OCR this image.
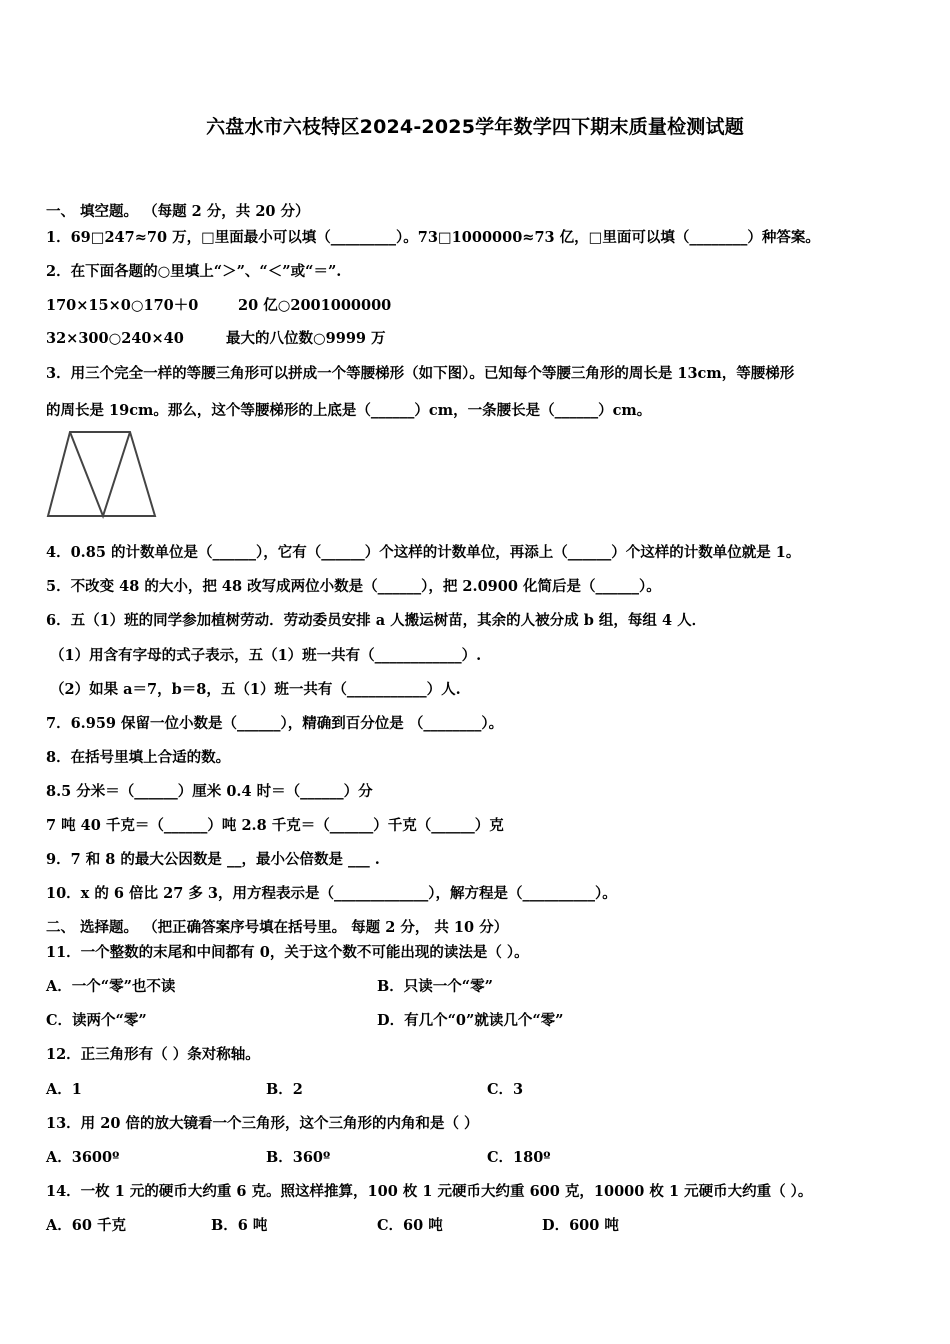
六盘水市六枝特区2024-2025学年数学四下期末质量检测试题
一、 填空题。 （每题 2 分，共 20 分）
1．69□247≈70 万，□里面最小可以填（_________）。73□1000000≈73 亿，□里面可以填（________）种答案。
2．在下面各题的○里填上“＞”、“＜”或“＝”.
170×15×0○170＋0	20 亿○2001000000
32×300○240×40	最大的八位数○9999 万
3．用三个完全一样的等腰三角形可以拼成一个等腰梯形（如下图）。已知每个等腰三角形的周长是 13cm，等腰梯形
的周长是 19cm。那么，这个等腰梯形的上底是（______）cm，一条腰长是（______）cm。
4．0.85 的计数单位是（______），它有（______）个这样的计数单位，再添上（______）个这样的计数单位就是 1。
5．不改变 48 的大小，把 48 改写成两位小数是（______），把 2.0900 化简后是（______）。
6．五（1）班的同学参加植树劳动．劳动委员安排 a 人搬运树苗，其余的人被分成 b 组，每组 4 人．
（1）用含有字母的式子表示，五（1）班一共有（____________）.
（2）如果 a＝7，b＝8，五（1）班一共有（___________）人.
7．6.959 保留一位小数是（______），精确到百分位是 （________）。
8．在括号里填上合适的数。
8.5 分米＝（______）厘米 0.4 时＝（______）分
7 吨 40 千克＝（______）吨 2.8 千克＝（______）千克（______）克
9．7 和 8 的最大公因数是 __，最小公倍数是 ___ .
10．x 的 6 倍比 27 多 3，用方程表示是（_____________），解方程是（__________）。
二、 选择题。 （把正确答案序号填在括号里。 每题 2 分， 共 10 分）
11．一个整数的末尾和中间都有 0，关于这个数不可能出现的读法是（ ）。
A．一个“零”也不读	B．只读一个“零”
C．读两个“零”	D．有几个“0”就读几个“零”
12．正三角形有（ ）条对称轴。
A．1	B．2	C．3
13．用 20 倍的放大镜看一个三角形，这个三角形的内角和是（ ）
A．3600º	B．360º	C．180º
14．一枚 1 元的硬币大约重 6 克。照这样推算，100 枚 1 元硬币大约重 600 克，10000 枚 1 元硬币大约重（ ）。
A．60 千克	B．6 吨	C．60 吨	D．600 吨
